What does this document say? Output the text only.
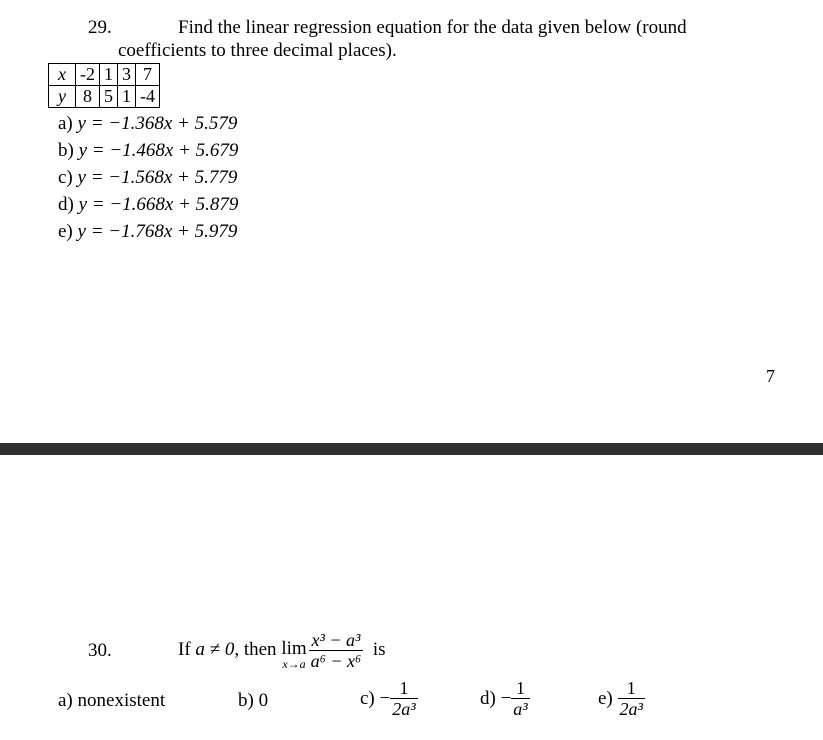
29.	Find the linear regression equation for the data given below (round
coefficients to three decimal places).
x	-2	1	3	7
y	8	5	1	-4
a) y = −1.368x + 5.579
b) y = −1.468x + 5.679
c) y = −1.568x + 5.779
d) y = −1.668x + 5.879
e) y = −1.768x + 5.979
7
30.	If
a ≠ 0 , then
lim
$x\to a \frac{\text{x³ − a³}}{\text{a⁶ − x⁶}}$
is
a) nonexistent	b) 0	c)
− $\frac{1}{\text{2a³}}$	d)
− $\frac{1}{\text{a³}}$	e)
$\frac{1}{\text{2a³}}$
